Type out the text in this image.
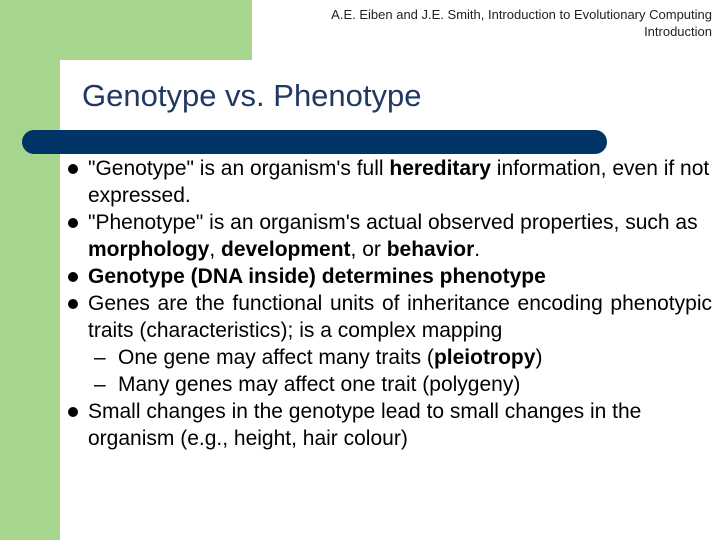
A.E. Eiben and J.E. Smith, Introduction to Evolutionary Computing
Introduction
Genotype vs. Phenotype
"Genotype" is an organism's full hereditary information, even if not expressed.
"Phenotype" is an organism's actual observed properties, such as morphology, development, or behavior.
Genotype (DNA inside) determines phenotype
Genes are the functional units of inheritance encoding phenotypic traits (characteristics); is a complex mapping
– One gene may affect many traits (pleiotropy)
– Many genes may affect one trait (polygeny)
Small changes in the genotype lead to small changes in the organism (e.g., height, hair colour)
